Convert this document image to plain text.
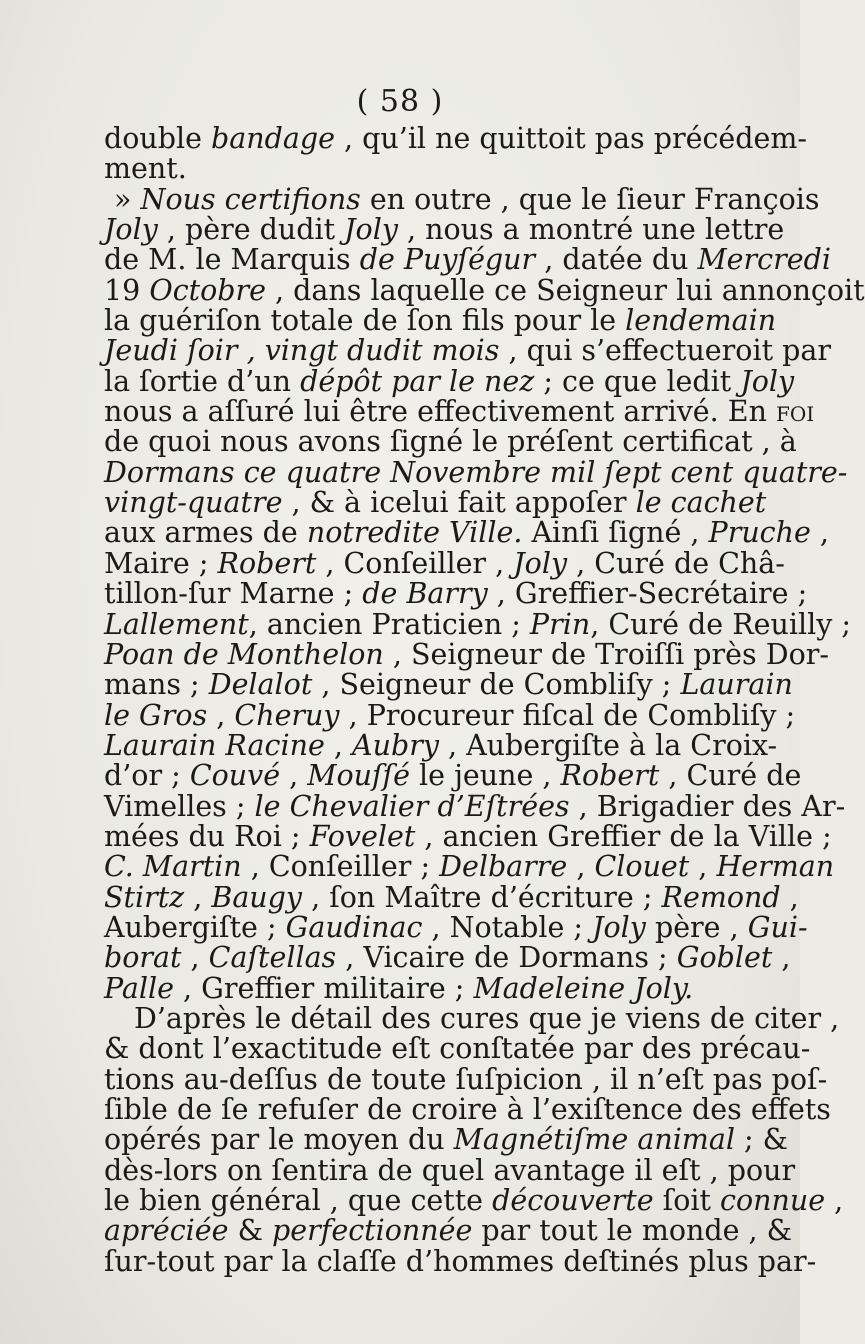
( 58 )
double bandage , qu’il ne quittoit pas précédem-
ment.
» Nous certifions en outre , que le ſieur François
Joly , père dudit Joly , nous a montré une lettre
de M. le Marquis de Puyſégur , datée du Mercredi
19 Octobre , dans laquelle ce Seigneur lui annonçoit
la guériſon totale de ſon fils pour le lendemain
Jeudi ſoir , vingt dudit mois , qui s’effectueroit par
la ſortie d’un dépôt par le nez ; ce que ledit Joly
nous a aſſuré lui être effectivement arrivé. En foi
de quoi nous avons ſigné le préſent certificat , à
Dormans ce quatre Novembre mil ſept cent quatre-
vingt-quatre , & à icelui fait appoſer le cachet
aux armes de notredite Ville. Ainſi ſigné , Pruche ,
Maire ; Robert , Conſeiller , Joly , Curé de Châ-
tillon-ſur Marne ; de Barry , Greffier-Secrétaire ;
Lallement, ancien Praticien ; Prin, Curé de Reuilly ;
Poan de Monthelon , Seigneur de Troiſſi près Dor-
mans ; Delalot , Seigneur de Combliſy ; Laurain
le Gros , Cheruy , Procureur fiſcal de Combliſy ;
Laurain Racine , Aubry , Aubergiſte à la Croix-
d’or ; Couvé , Mouſſé le jeune , Robert , Curé de
Vimelles ; le Chevalier d’Eſtrées , Brigadier des Ar-
mées du Roi ; Fovelet , ancien Greffier de la Ville ;
C. Martin , Conſeiller ; Delbarre , Clouet , Herman
Stirtz , Baugy , ſon Maître d’écriture ; Remond ,
Aubergiſte ; Gaudinac , Notable ; Joly père , Gui-
borat , Caſtellas , Vicaire de Dormans ; Goblet ,
Palle , Greffier militaire ; Madeleine Joly.
D’après le détail des cures que je viens de citer ,
& dont l’exactitude eſt conſtatée par des précau-
tions au-deſſus de toute ſuſpicion , il n’eſt pas poſ-
ſible de ſe refuſer de croire à l’exiſtence des effets
opérés par le moyen du Magnétiſme animal ; &
dès-lors on ſentira de quel avantage il eſt , pour
le bien général , que cette découverte ſoit connue ,
apréciée & perfectionnée par tout le monde , &
ſur-tout par la claſſe d’hommes deſtinés plus par-
